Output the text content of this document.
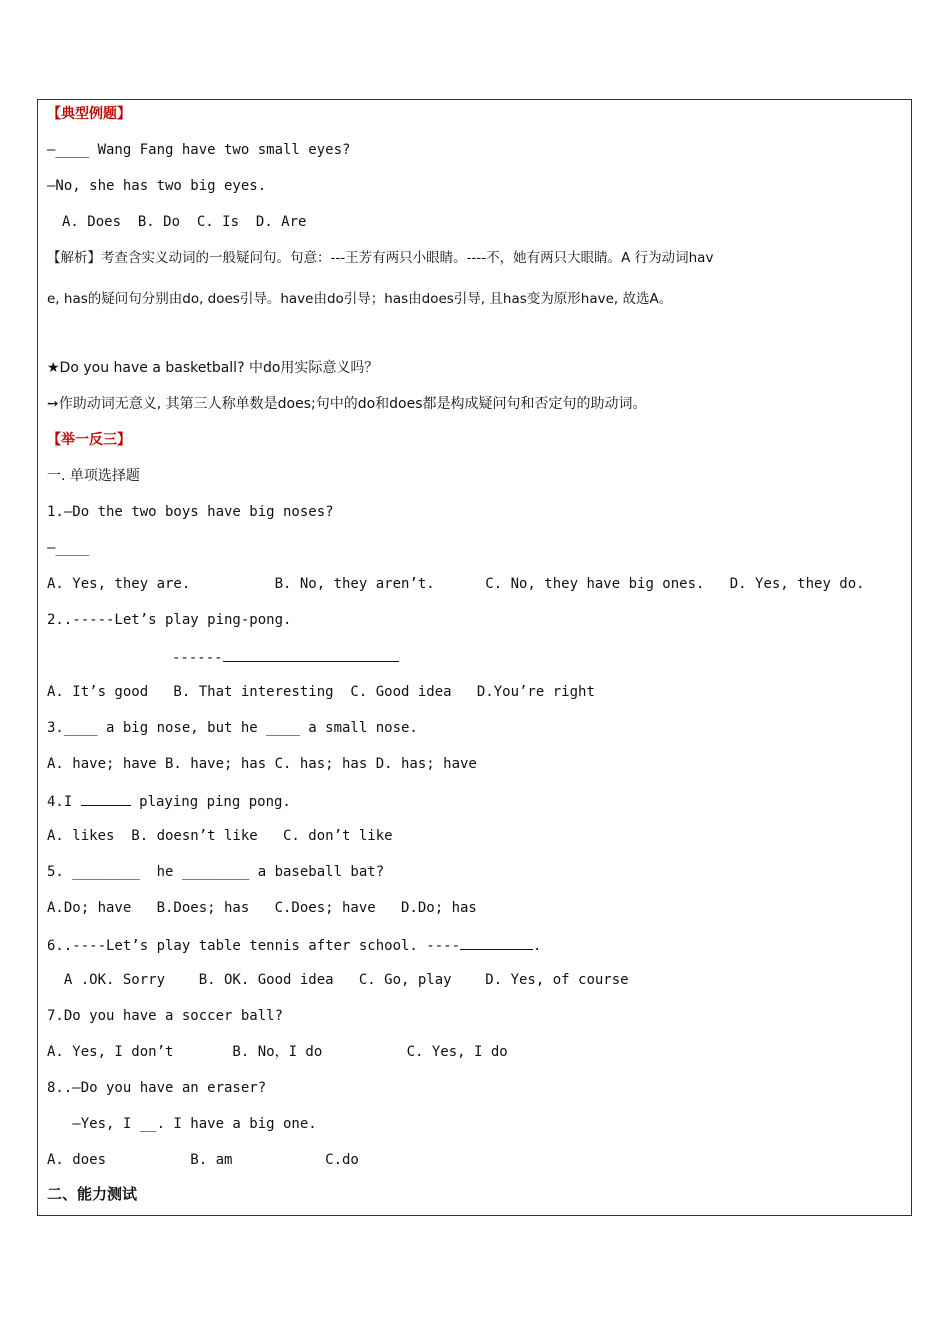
【典型例题】
—____ Wang Fang have two small eyes?
—No, she has two big eyes.
A. Does  B. Do  C. Is  D. Are
【解析】考查含实义动词的一般疑问句。句意：---王芳有两只小眼睛。----不，她有两只大眼睛。A 行为动词hav
e, has的疑问句分别由do, does引导。have由do引导；has由does引导, 且has变为原形have, 故选A。
★Do you have a basketball? 中do用实际意义吗？
➙作助动词无意义, 其第三人称单数是does;句中的do和does都是构成疑问句和否定句的助动词。
【举一反三】
一. 单项选择题
1.—Do the two boys have big noses?
—____
A. Yes, they are.          B. No, they aren’t.      C. No, they have big ones.   D. Yes, they do.
2..-----Let’s play ping-pong.
------
A. It’s good   B. That interesting  C. Good idea   D.You’re right
3.____ a big nose, but he ____ a small nose.
A. have; have B. have; has C. has; has D. has; have
4.I	playing ping pong.
A. likes  B. doesn’t like   C. don’t like
5. ________  he ________ a baseball bat?
A.Do; have   B.Does; has   C.Does; have   D.Do; has
6..----Let’s play table tennis after school. ----	.
A .OK. Sorry    B. OK. Good idea   C. Go, play    D. Yes, of course
7.Do you have a soccer ball?
A. Yes, I don’t       B. No，I do          C. Yes, I do
8..—Do you have an eraser?
—Yes, I __. I have a big one.
A. does          B. am           C.do
二、能力测试
